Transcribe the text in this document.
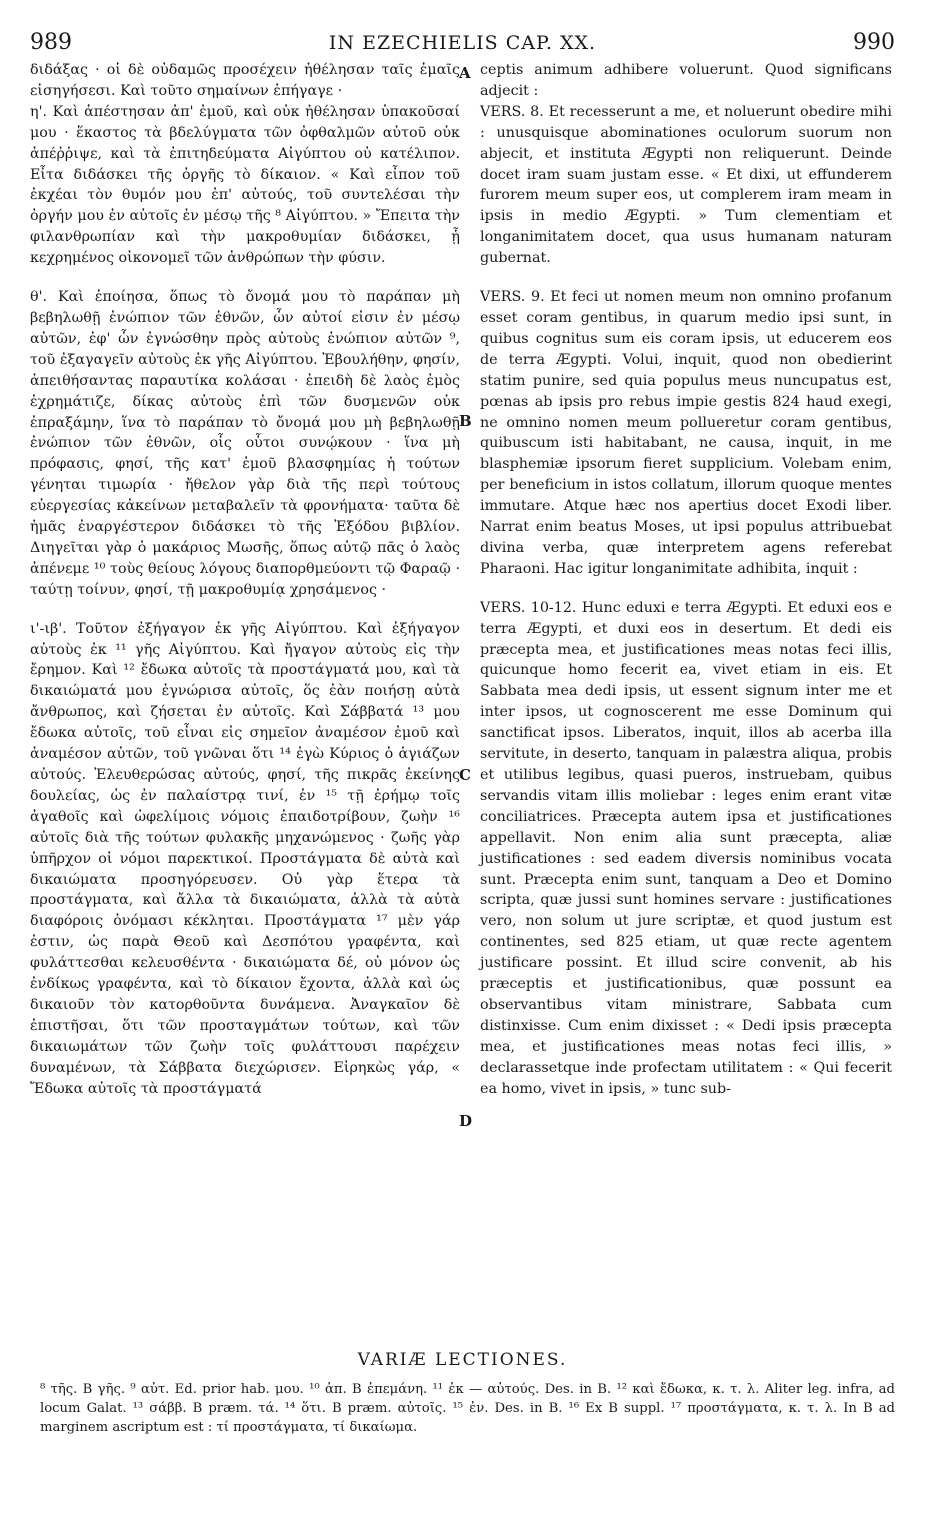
989	IN EZECHIELIS CAP. XX.	990

διδάξας · οἱ δὲ οὐδαμῶς προσέχειν ἠθέλησαν ταῖς ἐμαῖς εἰσηγήσεσι. Καὶ τοῦτο σημαίνων ἐπήγαγε ·

η'. Καὶ ἀπέστησαν ἀπ' ἐμοῦ, καὶ οὐκ ἠθέλησαν ὑπακοῦσαί μου · ἕκαστος τὰ βδελύγματα τῶν ὀφθαλμῶν αὐτοῦ οὐκ ἀπέῤῥιψε, καὶ τὰ ἐπιτηδεύματα Αἰγύπτου οὐ κατέλιπον. Εἶτα διδάσκει τῆς ὀργῆς τὸ δίκαιον. « Καὶ εἶπον τοῦ ἐκχέαι τὸν θυμόν μου ἐπ' αὐτούς, τοῦ συντελέσαι τὴν ὀργήν μου ἐν αὐτοῖς ἐν μέσῳ τῆς ⁸ Αἰγύπτου. » Ἔπειτα τὴν φιλανθρωπίαν καὶ τὴν μακροθυμίαν διδάσκει, ᾗ κεχρημένος οἰκονομεῖ τῶν ἀνθρώπων τὴν φύσιν.

θ'. Καὶ ἐποίησα, ὅπως τὸ ὄνομά μου τὸ παράπαν μὴ βεβηλωθῇ ἐνώπιον τῶν ἐθνῶν, ὧν αὐτοί εἰσιν ἐν μέσῳ αὐτῶν, ἐφ' ὧν ἐγνώσθην πρὸς αὐτοὺς ἐνώπιον αὐτῶν ⁹, τοῦ ἐξαγαγεῖν αὐτοὺς ἐκ γῆς Αἰγύπτου. Ἐβουλήθην, φησίν, ἀπειθήσαντας παραυτίκα κολάσαι · ἐπειδὴ δὲ λαὸς ἐμὸς ἐχρημάτιζε, δίκας αὐτοὺς ἐπὶ τῶν δυσμενῶν οὐκ ἐπραξάμην, ἵνα τὸ παράπαν τὸ ὄνομά μου μὴ βεβηλωθῇ ἐνώπιον τῶν ἐθνῶν, οἷς οὗτοι συνῴκουν · ἵνα μὴ πρόφασις, φησί, τῆς κατ' ἐμοῦ βλασφημίας ἡ τούτων γένηται τιμωρία · ἤθελον γὰρ διὰ τῆς περὶ τούτους εὐεργεσίας κἀκείνων μεταβαλεῖν τὰ φρονήματα· ταῦτα δὲ ἡμᾶς ἐναργέστερον διδάσκει τὸ τῆς Ἐξόδου βιβλίον. Διηγεῖται γὰρ ὁ μακάριος Μωσῆς, ὅπως αὐτῷ πᾶς ὁ λαὸς ἀπένεμε ¹⁰ τοὺς θείους λόγους διαπορθμεύοντι τῷ Φαραῷ · ταύτῃ τοίνυν, φησί, τῇ μακροθυμίᾳ χρησάμενος ·

ι'-ιβ'. Τοῦτον ἐξήγαγον ἐκ γῆς Αἰγύπτου. Καὶ ἐξήγαγον αὐτοὺς ἐκ ¹¹ γῆς Αἰγύπτου. Καὶ ἤγαγον αὐτοὺς εἰς τὴν ἔρημον. Καὶ ¹² ἔδωκα αὐτοῖς τὰ προστάγματά μου, καὶ τὰ δικαιώματά μου ἐγνώρισα αὐτοῖς, ὅς ἐὰν ποιήσῃ αὐτὰ ἄνθρωπος, καὶ ζήσεται ἐν αὐτοῖς. Καὶ Σάββατά ¹³ μου ἔδωκα αὐτοῖς, τοῦ εἶναι εἰς σημεῖον ἀναμέσον ἐμοῦ καὶ ἀναμέσον αὐτῶν, τοῦ γνῶναι ὅτι ¹⁴ ἐγὼ Κύριος ὁ ἁγιάζων αὐτούς. Ἐλευθερώσας αὐτούς, φησί, τῆς πικρᾶς ἐκείνης δουλείας, ὡς ἐν παλαίστρᾳ τινί, ἐν ¹⁵ τῇ ἐρήμῳ τοῖς ἀγαθοῖς καὶ ὠφελίμοις νόμοις ἐπαιδοτρίβουν, ζωὴν ¹⁶ αὐτοῖς διὰ τῆς τούτων φυλακῆς μηχανώμενος · ζωῆς γὰρ ὑπῆρχον οἱ νόμοι παρεκτικοί. Προστάγματα δὲ αὐτὰ καὶ δικαιώματα προσηγόρευσεν. Οὐ γὰρ ἕτερα τὰ προστάγματα, καὶ ἄλλα τὰ δικαιώματα, ἀλλὰ τὰ αὐτὰ διαφόροις ὀνόμασι κέκληται. Προστάγματα ¹⁷ μὲν γάρ ἐστιν, ὡς παρὰ Θεοῦ καὶ Δεσπότου γραφέντα, καὶ φυλάττεσθαι κελευσθέντα · δικαιώματα δέ, οὐ μόνον ὡς ἐνδίκως γραφέντα, καὶ τὸ δίκαιον ἔχοντα, ἀλλὰ καὶ ὡς δικαιοῦν τὸν κατορθοῦντα δυνάμενα. Ἀναγκαῖον δὲ ἐπιστῆσαι, ὅτι τῶν προσταγμάτων τούτων, καὶ τῶν δικαιωμάτων τῶν ζωὴν τοῖς φυλάττουσι παρέχειν δυναμένων, τὰ Σάββατα διεχώρισεν. Εἰρηκὼς γάρ, « Ἔδωκα αὐτοῖς τὰ προστάγματά

A
B
C
D

ceptis animum adhibere voluerunt. Quod significans adjecit :

VERS. 8. Et recesserunt a me, et noluerunt obedire mihi : unusquisque abominationes oculorum suorum non abjecit, et instituta Ægypti non reliquerunt. Deinde docet iram suam justam esse. « Et dixi, ut effunderem furorem meum super eos, ut complerem iram meam in ipsis in medio Ægypti. » Tum clementiam et longanimitatem docet, qua usus humanam naturam gubernat.

VERS. 9. Et feci ut nomen meum non omnino profanum esset coram gentibus, in quarum medio ipsi sunt, in quibus cognitus sum eis coram ipsis, ut educerem eos de terra Ægypti. Volui, inquit, quod non obedierint statim punire, sed quia populus meus nuncupatus est, pœnas ab ipsis pro rebus impie gestis 824 haud exegi, ne omnino nomen meum pollueretur coram gentibus, quibuscum isti habitabant, ne causa, inquit, in me blasphemiæ ipsorum fieret supplicium. Volebam enim, per beneficium in istos collatum, illorum quoque mentes immutare. Atque hæc nos apertius docet Exodi liber. Narrat enim beatus Moses, ut ipsi populus attribuebat divina verba, quæ interpretem agens referebat Pharaoni. Hac igitur longanimitate adhibita, inquit :

VERS. 10-12. Hunc eduxi e terra Ægypti. Et eduxi eos e terra Ægypti, et duxi eos in desertum. Et dedi eis præcepta mea, et justificationes meas notas feci illis, quicunque homo fecerit ea, vivet etiam in eis. Et Sabbata mea dedi ipsis, ut essent signum inter me et inter ipsos, ut cognoscerent me esse Dominum qui sanctificat ipsos. Liberatos, inquit, illos ab acerba illa servitute, in deserto, tanquam in palæstra aliqua, probis et utilibus legibus, quasi pueros, instruebam, quibus servandis vitam illis moliebar : leges enim erant vitæ conciliatrices. Præcepta autem ipsa et justificationes appellavit. Non enim alia sunt præcepta, aliæ justificationes : sed eadem diversis nominibus vocata sunt. Præcepta enim sunt, tanquam a Deo et Domino scripta, quæ jussi sunt homines servare : justificationes vero, non solum ut jure scriptæ, et quod justum est continentes, sed 825 etiam, ut quæ recte agentem justificare possint. Et illud scire convenit, ab his præceptis et justificationibus, quæ possunt ea observantibus vitam ministrare, Sabbata cum distinxisse. Cum enim dixisset : « Dedi ipsis præcepta mea, et justificationes meas notas feci illis, » declarassetque inde profectam utilitatem : « Qui fecerit ea homo, vivet in ipsis, » tunc sub-

VARIÆ LECTIONES.
⁸ τῆς. B γῆς. ⁹ αὐτ. Ed. prior hab. μου. ¹⁰ ἀπ. B ἐπεμάνη. ¹¹ ἐκ — αὐτούς. Des. in B. ¹² καὶ ἔδωκα, κ. τ. λ. Aliter leg. infra, ad locum Galat. ¹³ σάββ. B præm. τά. ¹⁴ ὅτι. B præm. αὐτοῖς. ¹⁵ ἐν. Des. in B. ¹⁶ Ex B suppl. ¹⁷ προστάγματα, κ. τ. λ. In B ad marginem ascriptum est : τί προστάγματα, τί δικαίωμα.
